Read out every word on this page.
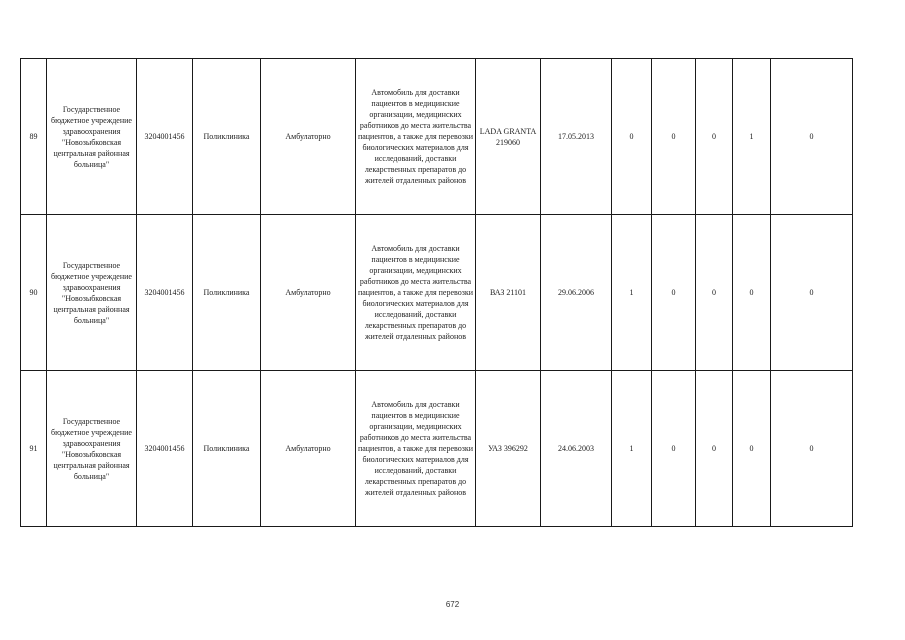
89	Государственное бюджетное учреждение здравоохранения "Новозыбковская центральная районная больница"	3204001456	Поликлиника	Амбулаторно	Автомобиль для доставки пациентов в медицинские организации, медицинских работников до места жительства пациентов, а также для перевозки биологических материалов для исследований, доставки лекарственных препаратов до жителей отдаленных районов	LADA GRANTA 219060	17.05.2013	0	0	0	1	0
90	Государственное бюджетное учреждение здравоохранения "Новозыбковская центральная районная больница"	3204001456	Поликлиника	Амбулаторно	Автомобиль для доставки пациентов в медицинские организации, медицинских работников до места жительства пациентов, а также для перевозки биологических материалов для исследований, доставки лекарственных препаратов до жителей отдаленных районов	ВАЗ 21101	29.06.2006	1	0	0	0	0
91	Государственное бюджетное учреждение здравоохранения "Новозыбковская центральная районная больница"	3204001456	Поликлиника	Амбулаторно	Автомобиль для доставки пациентов в медицинские организации, медицинских работников до места жительства пациентов, а также для перевозки биологических материалов для исследований, доставки лекарственных препаратов до жителей отдаленных районов	УАЗ 396292	24.06.2003	1	0	0	0	0
672
